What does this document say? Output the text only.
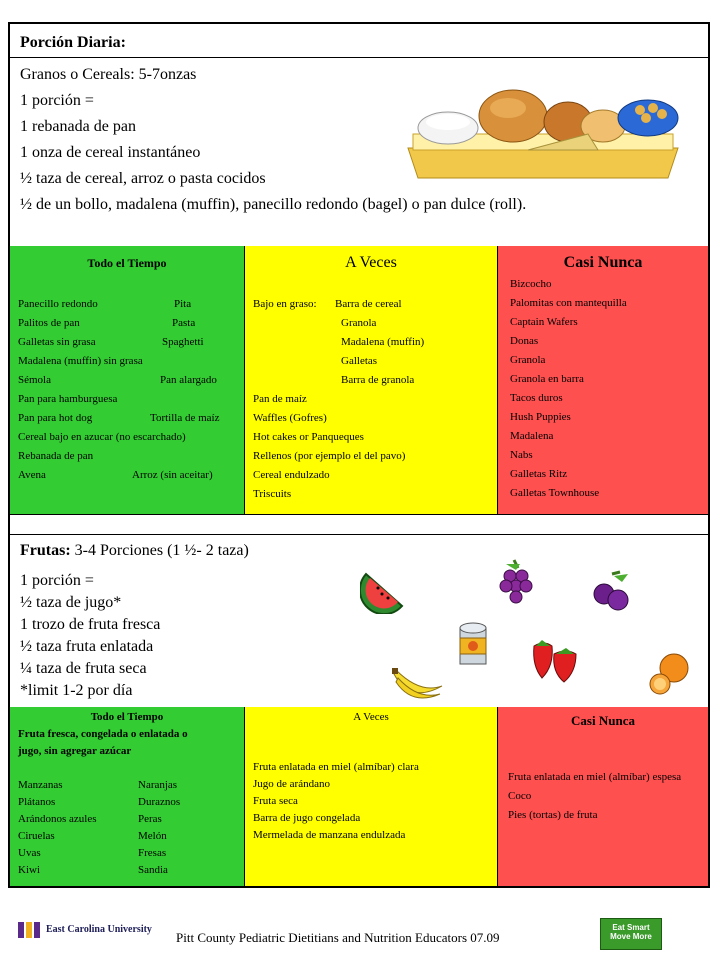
Porción Diaria:
Granos o Cereals: 5-7onzas
1 porción =
1 rebanada de pan
1 onza de cereal instantáneo
½ taza de cereal, arroz o pasta cocidos
½ de un bollo, madalena (muffin), panecillo redondo (bagel) o pan dulce (roll).
Todo el Tiempo
Panecillo redondo	Pita
Palitos de pan	Pasta
Galletas sin grasa	Spaghetti
Madalena (muffin) sin grasa
Sémola	Pan alargado
Pan para hamburguesa
Pan para hot dog	Tortilla de maíz
Cereal bajo en azucar (no escarchado)
Rebanada de pan
Avena	Arroz (sin aceitar)
A Veces
Bajo en graso: Barra de cereal
Granola
Madalena (muffin)
Galletas
Barra de granola
Pan de maíz
Waffles (Gofres)
Hot cakes or Panqueques
Rellenos (por ejemplo el del pavo)
Cereal endulzado
Triscuits
Casi Nunca
Bizcocho
Palomitas con mantequilla
Captain Wafers
Donas
Granola
Granola en barra
Tacos duros
Hush Puppies
Madalena
Nabs
Galletas Ritz
Galletas Townhouse
Frutas: 3-4 Porciones (1 ½- 2 taza)
1 porción =
½ taza de jugo*
1 trozo de fruta fresca
½ taza fruta enlatada
¼ taza de fruta seca
*limit 1-2 por día
Todo el Tiempo
Fruta fresca, congelada o enlatada o
jugo, sin agregar azúcar
Manzanas	Naranjas
Plátanos	Duraznos
Arándonos azules	Peras
Ciruelas	Melón
Uvas	Fresas
Kiwi	Sandia
A Veces
Fruta enlatada en miel (almíbar) clara
Jugo de arándano
Fruta seca
Barra de jugo congelada
Mermelada de manzana endulzada
Casi Nunca
Fruta enlatada en miel (almíbar) espesa
Coco
Pies (tortas) de fruta
East Carolina University
Pitt County Pediatric Dietitians and Nutrition Educators 07.09
Eat Smart
Move More
